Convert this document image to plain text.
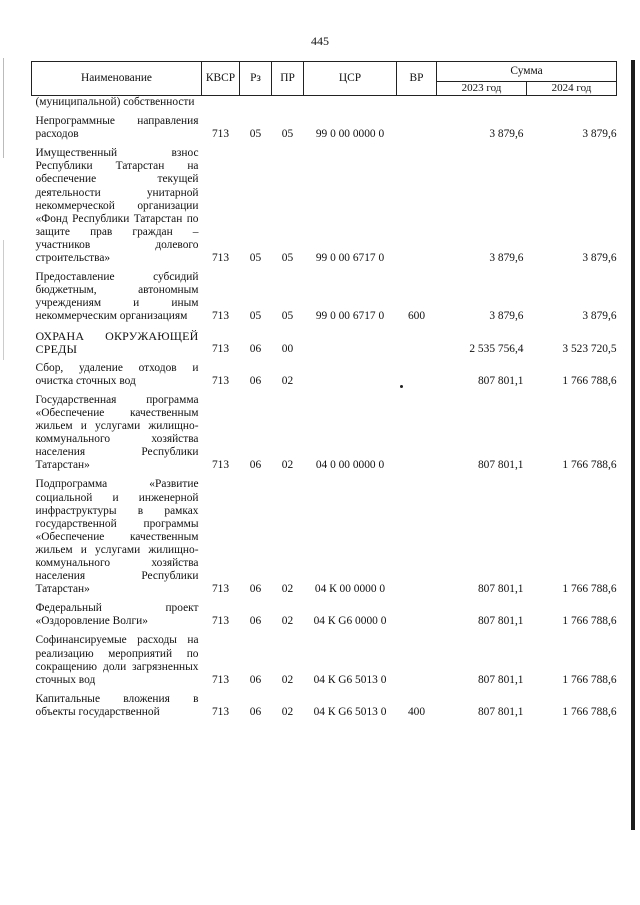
445
Наименование	КВСР	Рз	ПР	ЦСР	ВР	Сумма	
						2023 год	2024 год
(муниципальной) собственности							

Непрограммные направления расходов	713	05	05	99 0 00 0000 0		3 879,6	3 879,6

Имущественный взнос Республики Татарстан на обеспечение текущей деятельности унитарной некоммерческой организации «Фонд Республики Татарстан по защите прав граждан – участников долевого строительства»	713	05	05	99 0 00 6717 0		3 879,6	3 879,6

Предоставление субсидий бюджетным, автономным учреждениям и иным некоммерческим организациям	713	05	05	99 0 00 6717 0	600	3 879,6	3 879,6

ОХРАНА ОКРУЖАЮЩЕЙ СРЕДЫ	713	06	00			2 535 756,4	3 523 720,5

Сбор, удаление отходов и очистка сточных вод	713	06	02			807 801,1	1 766 788,6

Государственная программа «Обеспечение качественным жильем и услугами жилищно-коммунального хозяйства населения Республики Татарстан»	713	06	02	04 0 00 0000 0		807 801,1	1 766 788,6

Подпрограмма «Развитие социальной и инженерной инфраструктуры в рамках государственной программы «Обеспечение качественным жильем и услугами жилищно-коммунального хозяйства населения Республики Татарстан»	713	06	02	04 К 00 0000 0		807 801,1	1 766 788,6

Федеральный проект «Оздоровление Волги»	713	06	02	04 К G6 0000 0		807 801,1	1 766 788,6

Софинансируемые расходы на реализацию мероприятий по сокращению доли загрязненных сточных вод	713	06	02	04 К G6 5013 0		807 801,1	1 766 788,6

Капитальные вложения в объекты государственной	713	06	02	04 К G6 5013 0	400	807 801,1	1 766 788,6
